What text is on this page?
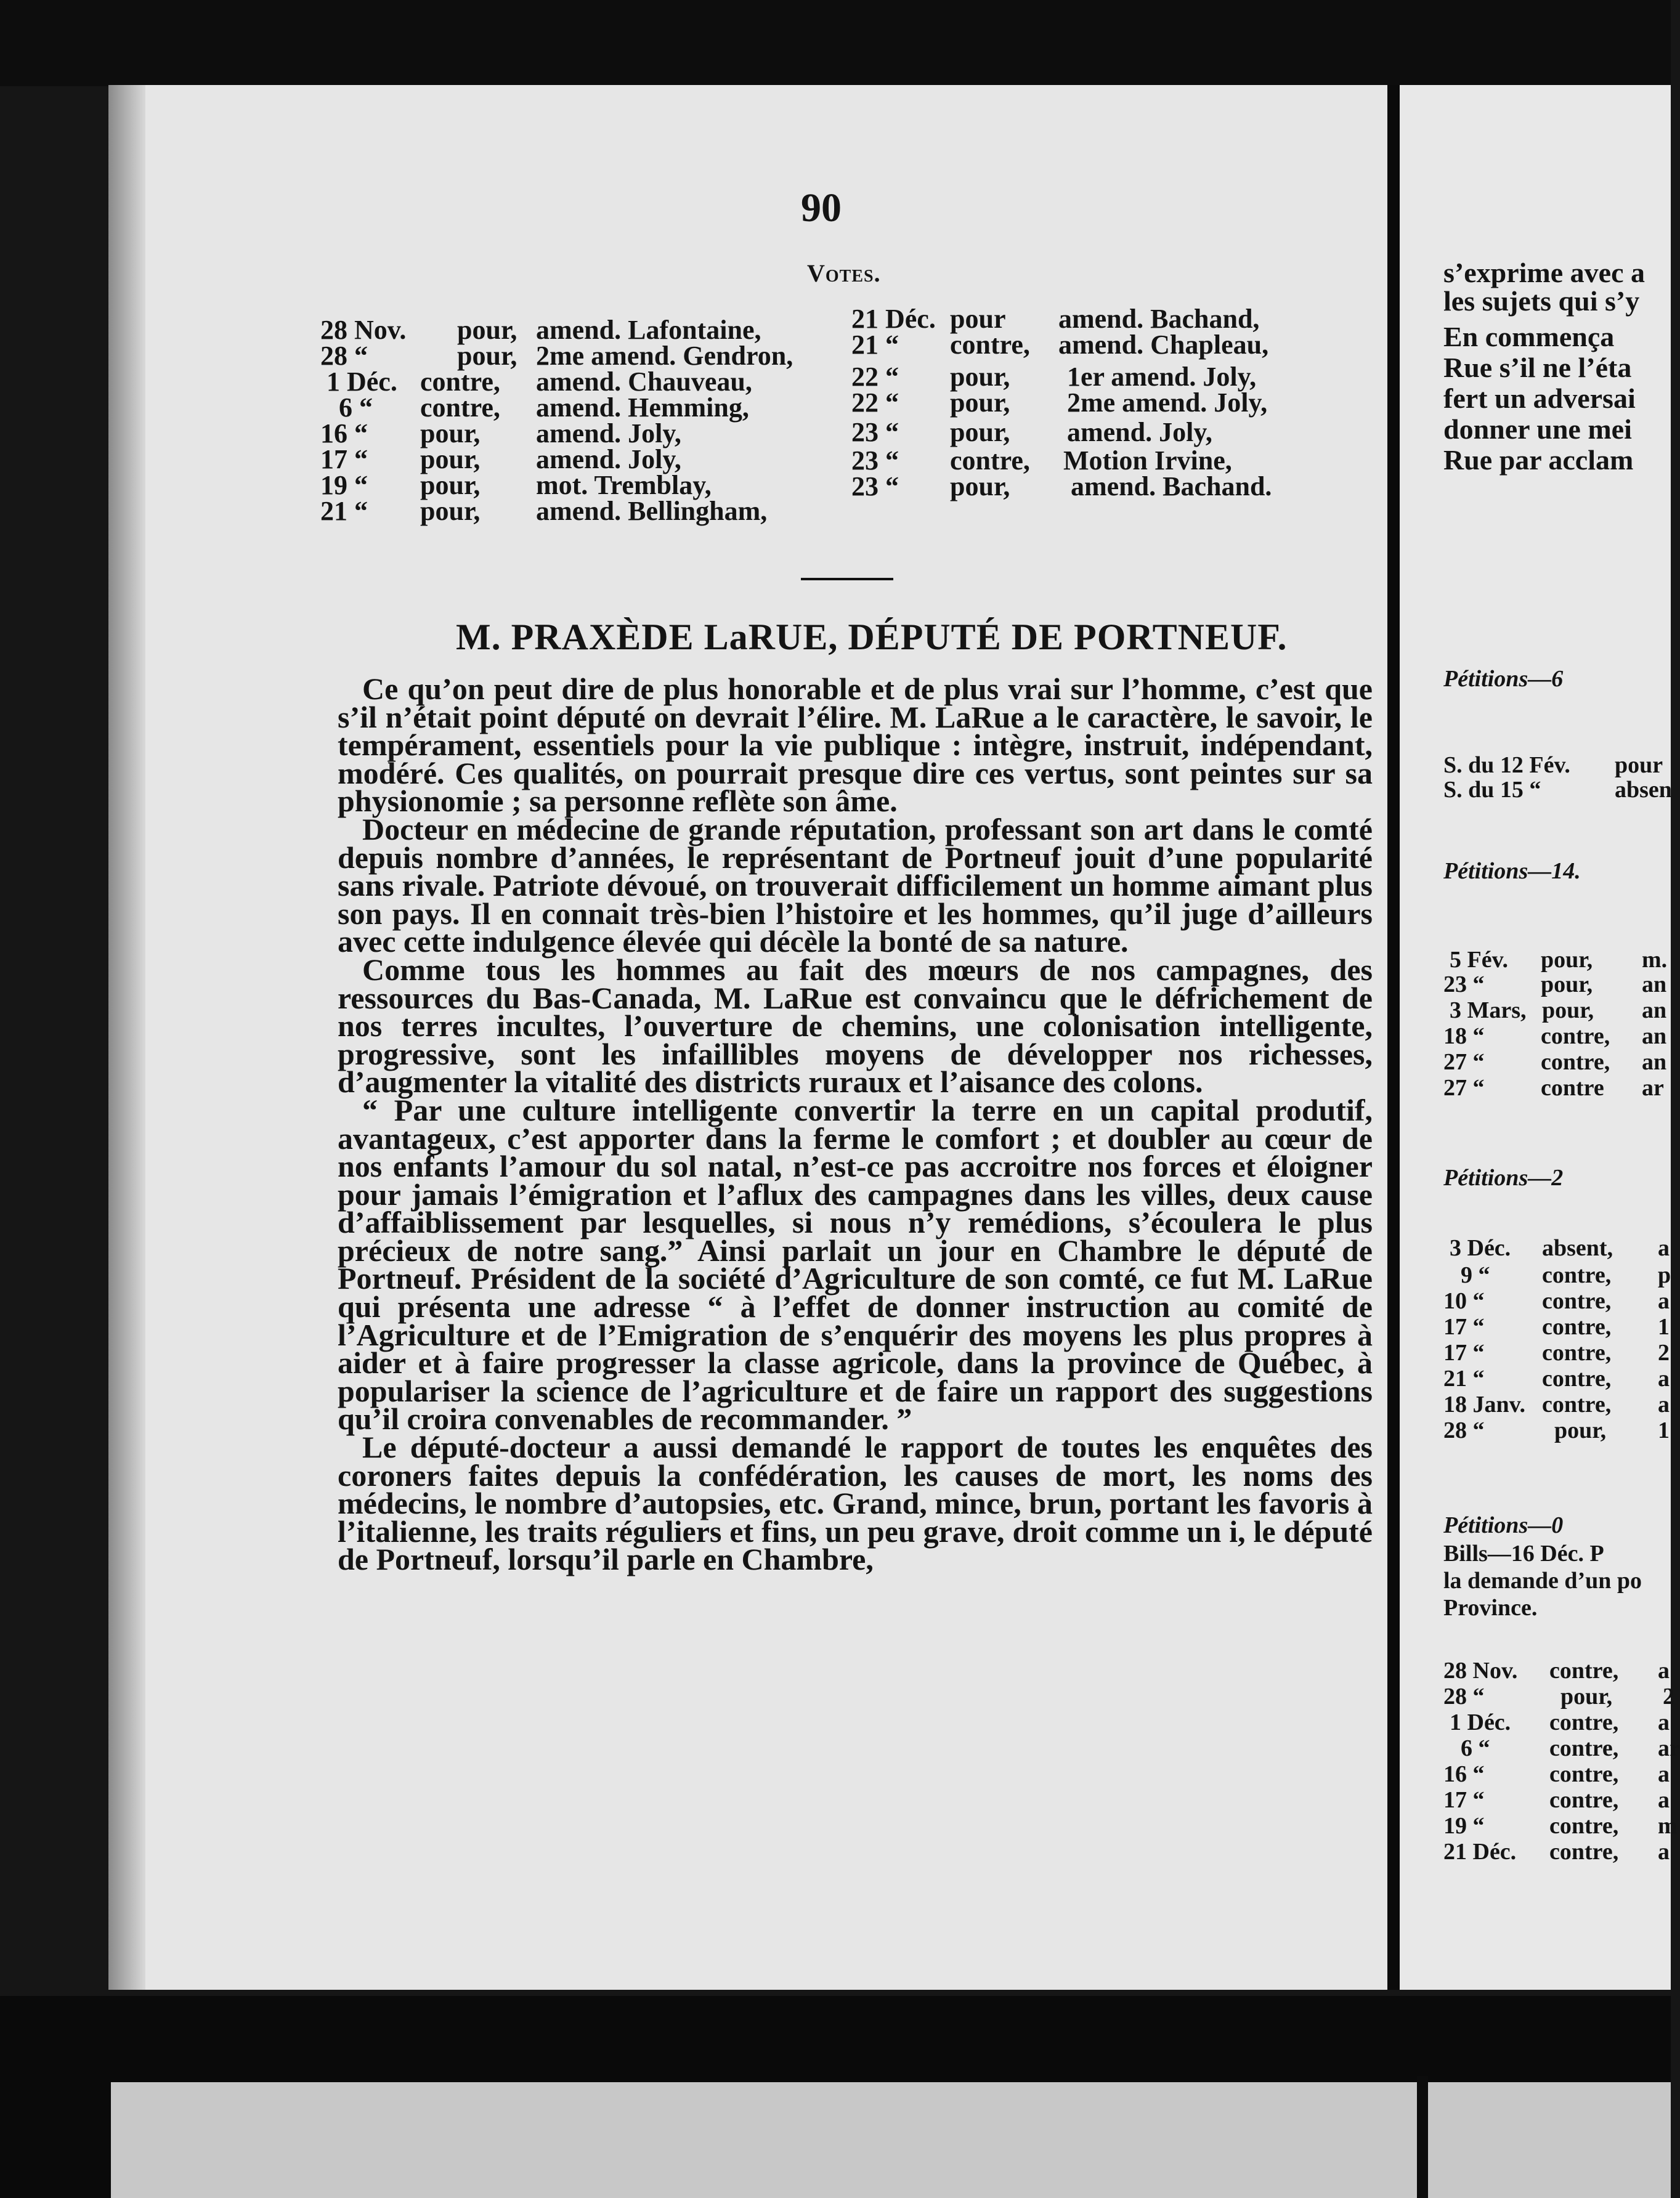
90
Votes.
28 Nov. pour, amend. Lafontaine,
28 “	pour, 2me amend. Gendron,
1 Déc. contre, amend. Chauveau,
6 “ contre, amend. Hemming,
16 “ pour, amend. Joly,
17 “ pour, amend. Joly,
19 “ pour, mot. Tremblay,
21 “ pour, amend. Bellingham,
21 Déc. pour amend. Bachand,
21 “ contre, amend. Chapleau,
22 “ pour, 1er amend. Joly,
22 “ pour, 2me amend. Joly,
23 “ pour, amend. Joly,
23 “ contre, Motion Irvine,
23 “ pour, amend. Bachand.
M. PRAXÈDE LaRUE, DÉPUTÉ DE PORTNEUF.

Ce qu’on peut dire de plus honorable et de plus vrai sur l’homme, c’est que s’il n’était point député on devrait l’élire. M. LaRue a le caractère, le savoir, le tempérament, essentiels pour la vie publique : intègre, instruit, indépendant, modéré. Ces qualités, on pourrait presque dire ces vertus, sont peintes sur sa physionomie ; sa personne reflète son âme.

Docteur en médecine de grande réputation, professant son art dans le comté depuis nombre d’années, le représentant de Portneuf jouit d’une popularité sans rivale. Patriote dévoué, on trouverait difficilement un homme aimant plus son pays. Il en connait très-bien l’histoire et les hommes, qu’il juge d’ailleurs avec cette indulgence élevée qui décèle la bonté de sa nature.

Comme tous les hommes au fait des mœurs de nos campagnes, des ressources du Bas-Canada, M. LaRue est convaincu que le défrichement de nos terres incultes, l’ouverture de chemins, une colonisation intelligente, progressive, sont les infaillibles moyens de développer nos richesses, d’augmenter la vitalité des districts ruraux et l’aisance des colons.

“ Par une culture intelligente convertir la terre en un capital produtif, avantageux, c’est apporter dans la ferme le comfort ; et doubler au cœur de nos enfants l’amour du sol natal, n’est-ce pas accroitre nos forces et éloigner pour jamais l’émigration et l’aflux des campagnes dans les villes, deux cause d’affaiblissement par lesquelles, si nous n’y remédions, s’écoulera le plus précieux de notre sang.” Ainsi parlait un jour en Chambre le député de Portneuf. Président de la société d’Agriculture de son comté, ce fut M. LaRue qui présenta une adresse “ à l’effet de donner instruction au comité de l’Agriculture et de l’Emigration de s’enquérir des moyens les plus propres à aider et à faire progresser la classe agricole, dans la province de Québec, à populariser la science de l’agriculture et de faire un rapport des suggestions qu’il croira convenables de recommander. ”

Le député-docteur a aussi demandé le rapport de toutes les enquêtes des coroners faites depuis la confédération, les causes de mort, les noms des médecins, le nombre d’autopsies, etc. Grand, mince, brun, portant les favoris à l’italienne, les traits réguliers et fins, un peu grave, droit comme un i, le député de Portneuf, lorsqu’il parle en Chambre,

s’exprime avec a
les sujets qui s’y
En commença
Rue s’il ne l’éta
fert un adversai
donner une mei
Rue par acclam
Pétitions—6
S. du 12 Fév. pour
S. du 15 “	absen
Pétitions—14.
5 Fév. pour, m.
23 “ pour, an
3 Mars, pour, an
18 “ contre, an
27 “ contre, an
27 “ contre ar
Pétitions—2
3 Déc. absent, a
9 “ contre, p
10 “ contre, a
17 “ contre, 1
17 “ contre, 2
21 “ contre, a
18 Janv. contre, a
28 “	pour, 1
Pétitions—0
Bills—16 Déc. P
la demande d’un po
Province.
28 Nov. contre, a
28 “	pour, 2
1 Déc. contre, a
6 “	contre, ar
16 “	contre, a
17 “	contre, a
19 “	contre, m
21 Déc. contre, a
